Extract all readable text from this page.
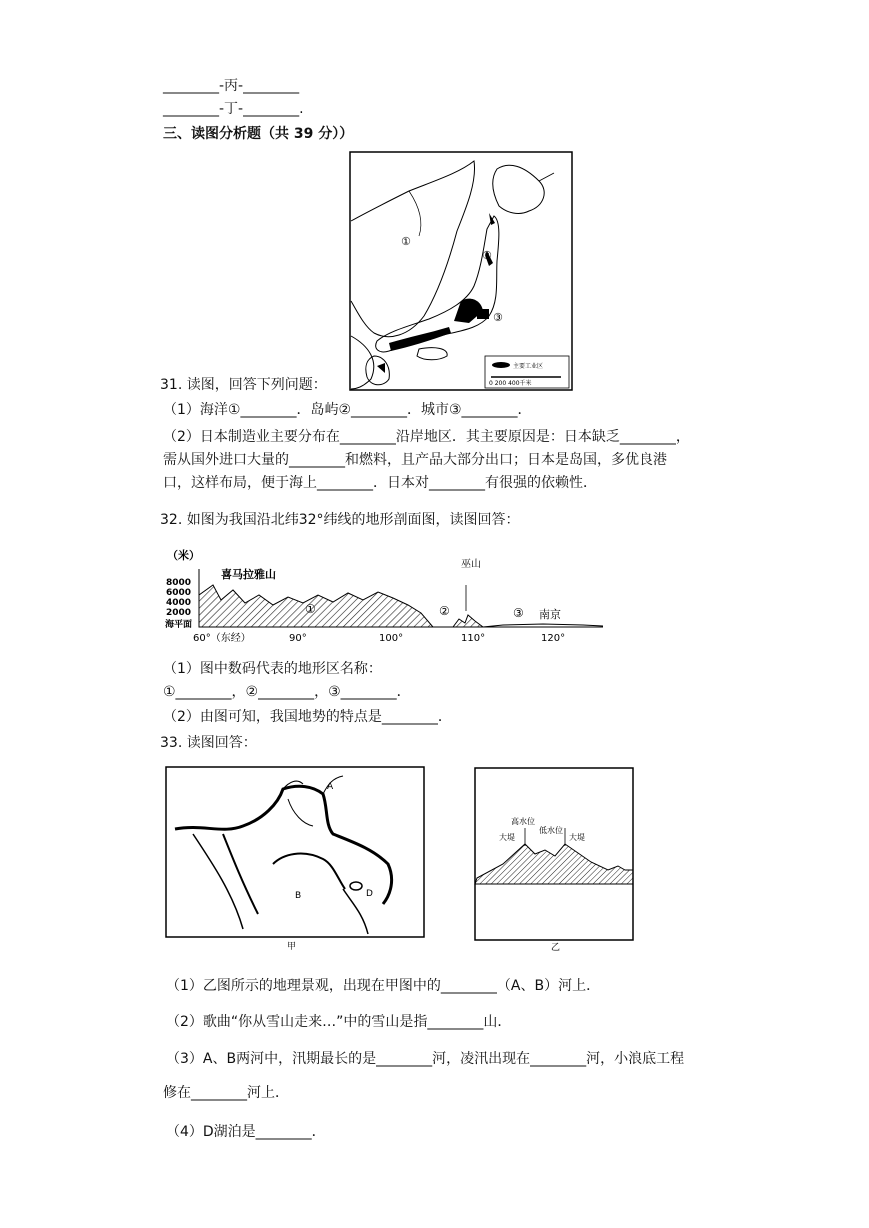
________-丙-________
________-丁-________.
三、读图分析题（共 39 分））
①
②
③
主要工业区
0 200 400千米
31. 读图，回答下列问题：
（1）海洋①________．岛屿②________．城市③________．
（2）日本制造业主要分布在________沿岸地区．其主要原因是：日本缺乏________，
需从国外进口大量的________和燃料，且产品大部分出口；日本是岛国，多优良港
口，这样布局，便于海上________．日本对________有很强的依赖性．
32. 如图为我国沿北纬32°纬线的地形剖面图，读图回答：
（米）
8000
6000
4000
2000
海平面
喜马拉雅山
①	②	③
巫山
南京
60°（东经）	90°	100°	110°	120°
（1）图中数码代表的地形区名称：
①________，②________，③________．
（2）由图可知，我国地势的特点是________．
33. 读图回答：
A
B	D
甲
高水位
低水位
大堤	大堤
乙
（1）乙图所示的地理景观，出现在甲图中的________（A、B）河上．
（2）歌曲“你从雪山走来…”中的雪山是指________山．
（3）A、B两河中，汛期最长的是________河，凌汛出现在________河，小浪底工程
修在________河上．
（4）D湖泊是________．
